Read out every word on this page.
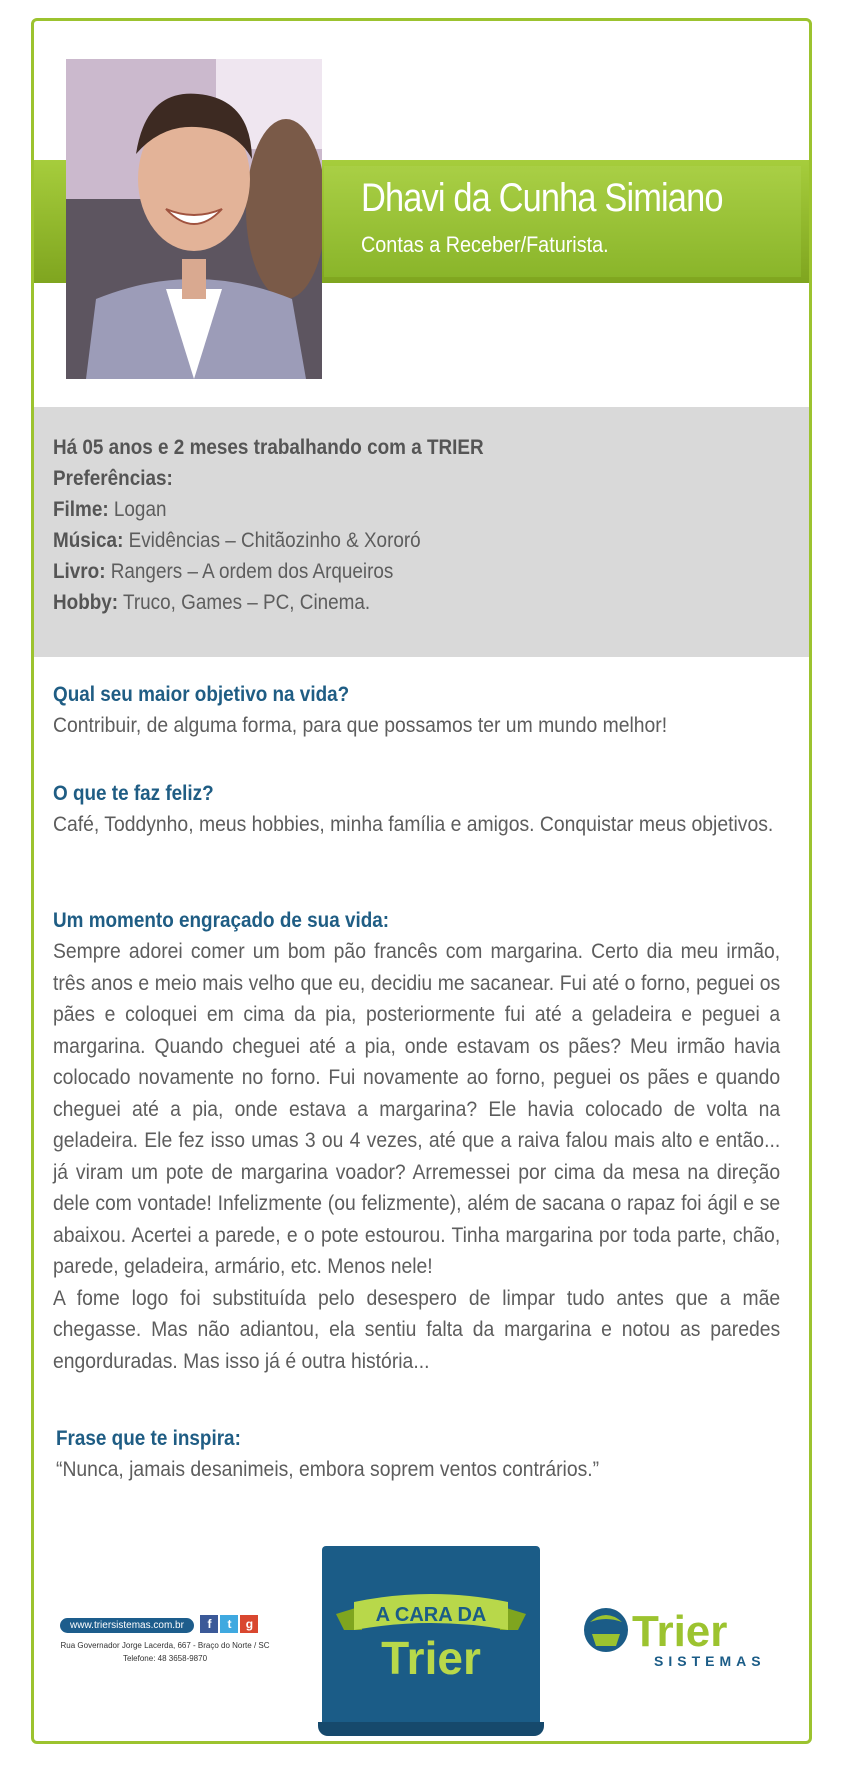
Dhavi da Cunha Simiano
Contas a Receber/Faturista.
Há 05 anos e 2 meses trabalhando com a TRIER
Preferências:
Filme: Logan
Música: Evidências – Chitãozinho & Xororó
Livro: Rangers – A ordem dos Arqueiros
Hobby: Truco, Games – PC, Cinema.
Qual seu maior objetivo na vida?
Contribuir, de alguma forma, para que possamos ter um mundo melhor!
O que te faz feliz?
Café, Toddynho, meus hobbies, minha família e amigos. Conquistar meus objetivos.
Um momento engraçado de sua vida:
Sempre adorei comer um bom pão francês com margarina. Certo dia meu irmão, três anos e meio mais velho que eu, decidiu me sacanear. Fui até o forno, peguei os pães e coloquei em cima da pia, posteriormente fui até a geladeira e peguei a margarina. Quando cheguei até a pia, onde estavam os pães? Meu irmão havia colocado novamente no forno. Fui novamente ao forno, peguei os pães e quando cheguei até a pia, onde estava a margarina? Ele havia colocado de volta na geladeira. Ele fez isso umas 3 ou 4 vezes, até que a raiva falou mais alto e então... já viram um pote de margarina voador? Arremessei por cima da mesa na direção dele com vontade! Infelizmente (ou felizmente), além de sacana o rapaz foi ágil e se abaixou. Acertei a parede, e o pote estourou. Tinha margarina por toda parte, chão, parede, geladeira, armário, etc. Menos nele!
A fome logo foi substituída pelo desespero de limpar tudo antes que a mãe chegasse. Mas não adiantou, ela sentiu falta da margarina e notou as paredes engorduradas. Mas isso já é outra história...
Frase que te inspira:
“Nunca, jamais desanimeis, embora soprem ventos contrários.”
www.triersistemas.com.br f t g
Rua Governador Jorge Lacerda, 667 - Braço do Norte / SC
Telefone: 48 3658-9870
A CARA DA
Trier
Trier
SISTEMAS
